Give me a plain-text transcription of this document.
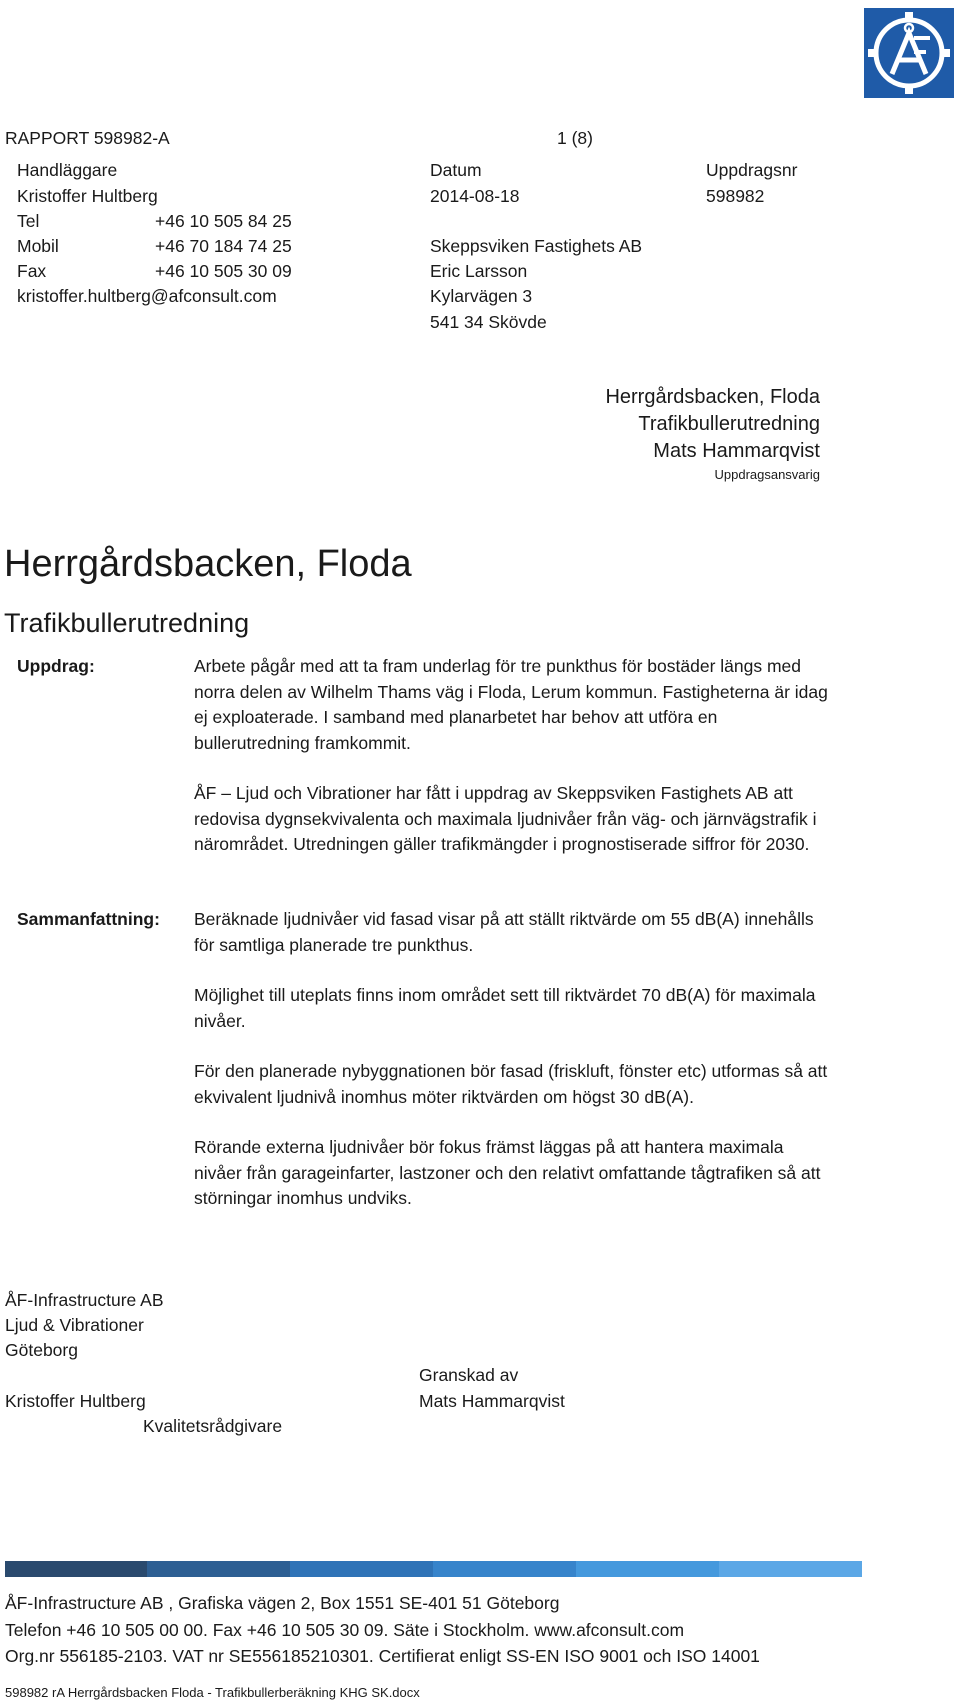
RAPPORT 598982-A	1 (8)
Handläggare
Kristoffer Hultberg
Tel	+46 10 505 84 25
Mobil	+46 70 184 74 25
Fax	+46 10 505 30 09
kristoffer.hultberg@afconsult.com
Datum
2014-08-18
Skeppsviken Fastighets AB
Eric Larsson
Kylarvägen 3
541 34 Skövde
Uppdragsnr
598982
Herrgårdsbacken, Floda
Trafikbullerutredning
Mats Hammarqvist
Uppdragsansvarig
Herrgårdsbacken, Floda
Trafikbullerutredning
Uppdrag:	Arbete pågår med att ta fram underlag för tre punkthus för bostäder längs med norra delen av Wilhelm Thams väg i Floda, Lerum kommun. Fastigheterna är idag ej exploaterade. I samband med planarbetet har behov att utföra en bullerutredning framkommit.

ÅF – Ljud och Vibrationer har fått i uppdrag av Skeppsviken Fastighets AB att redovisa dygnsekvivalenta och maximala ljudnivåer från väg- och järnvägstrafik i närområdet. Utredningen gäller trafikmängder i prognostiserade siffror för 2030.

Sammanfattning: Beräknade ljudnivåer vid fasad visar på att ställt riktvärde om 55 dB(A) innehålls för samtliga planerade tre punkthus.

Möjlighet till uteplats finns inom området sett till riktvärdet 70 dB(A) för maximala nivåer.

För den planerade nybyggnationen bör fasad (friskluft, fönster etc) utformas så att ekvivalent ljudnivå inomhus möter riktvärden om högst 30 dB(A).

Rörande externa ljudnivåer bör fokus främst läggas på att hantera maximala nivåer från garageinfarter, lastzoner och den relativt omfattande tågtrafiken så att störningar inomhus undviks.

ÅF-Infrastructure AB
Ljud & Vibrationer
Göteborg
Granskad av
Kristoffer Hultberg	Mats Hammarqvist
Kvalitetsrådgivare
ÅF-Infrastructure AB , Grafiska vägen 2, Box 1551 SE-401 51 Göteborg
Telefon +46 10 505 00 00. Fax +46 10 505 30 09. Säte i Stockholm. www.afconsult.com
Org.nr 556185-2103. VAT nr SE556185210301. Certifierat enligt SS-EN ISO 9001 och ISO 14001
598982 rA Herrgårdsbacken Floda - Trafikbullerberäkning KHG SK.docx
